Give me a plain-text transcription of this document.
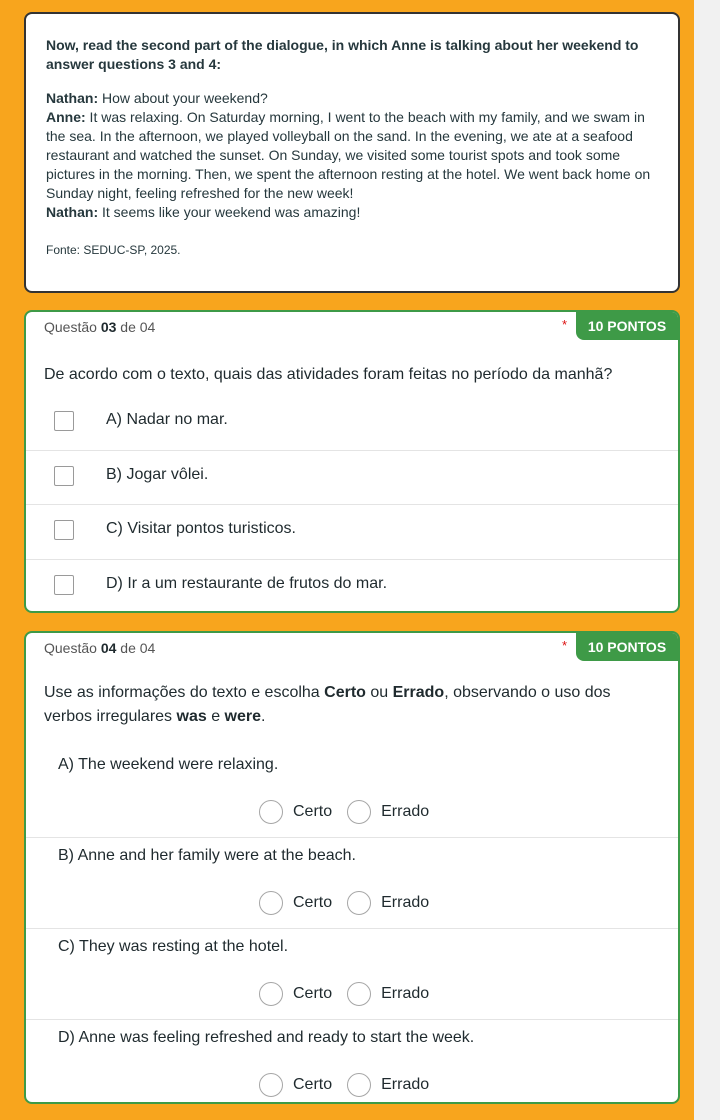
Now, read the second part of the dialogue, in which Anne is talking about her weekend to answer questions 3 and 4:

Nathan: How about your weekend?

Anne: It was relaxing. On Saturday morning, I went to the beach with my family, and we swam in the sea. In the afternoon, we played volleyball on the sand. In the evening, we ate at a seafood restaurant and watched the sunset. On Sunday, we visited some tourist spots and took some pictures in the morning. Then, we spent the afternoon resting at the hotel. We went back home on Sunday night, feeling refreshed for the new week!

Nathan: It seems like your weekend was amazing!

Fonte: SEDUC-SP, 2025.

Questão 03 de 04	*	10 PONTOS

De acordo com o texto, quais das atividades foram feitas no período da manhã?

A) Nadar no mar.
B) Jogar vôlei.
C) Visitar pontos turisticos.
D) Ir a um restaurante de frutos do mar.
Questão 04 de 04	*	10 PONTOS

Use as informações do texto e escolha Certo ou Errado, observando o uso dos verbos irregulares was e were.

A) The weekend were relaxing.
Certo	Errado
B) Anne and her family were at the beach.
Certo	Errado
C) They was resting at the hotel.
Certo	Errado
D) Anne was feeling refreshed and ready to start the week.
Certo	Errado
